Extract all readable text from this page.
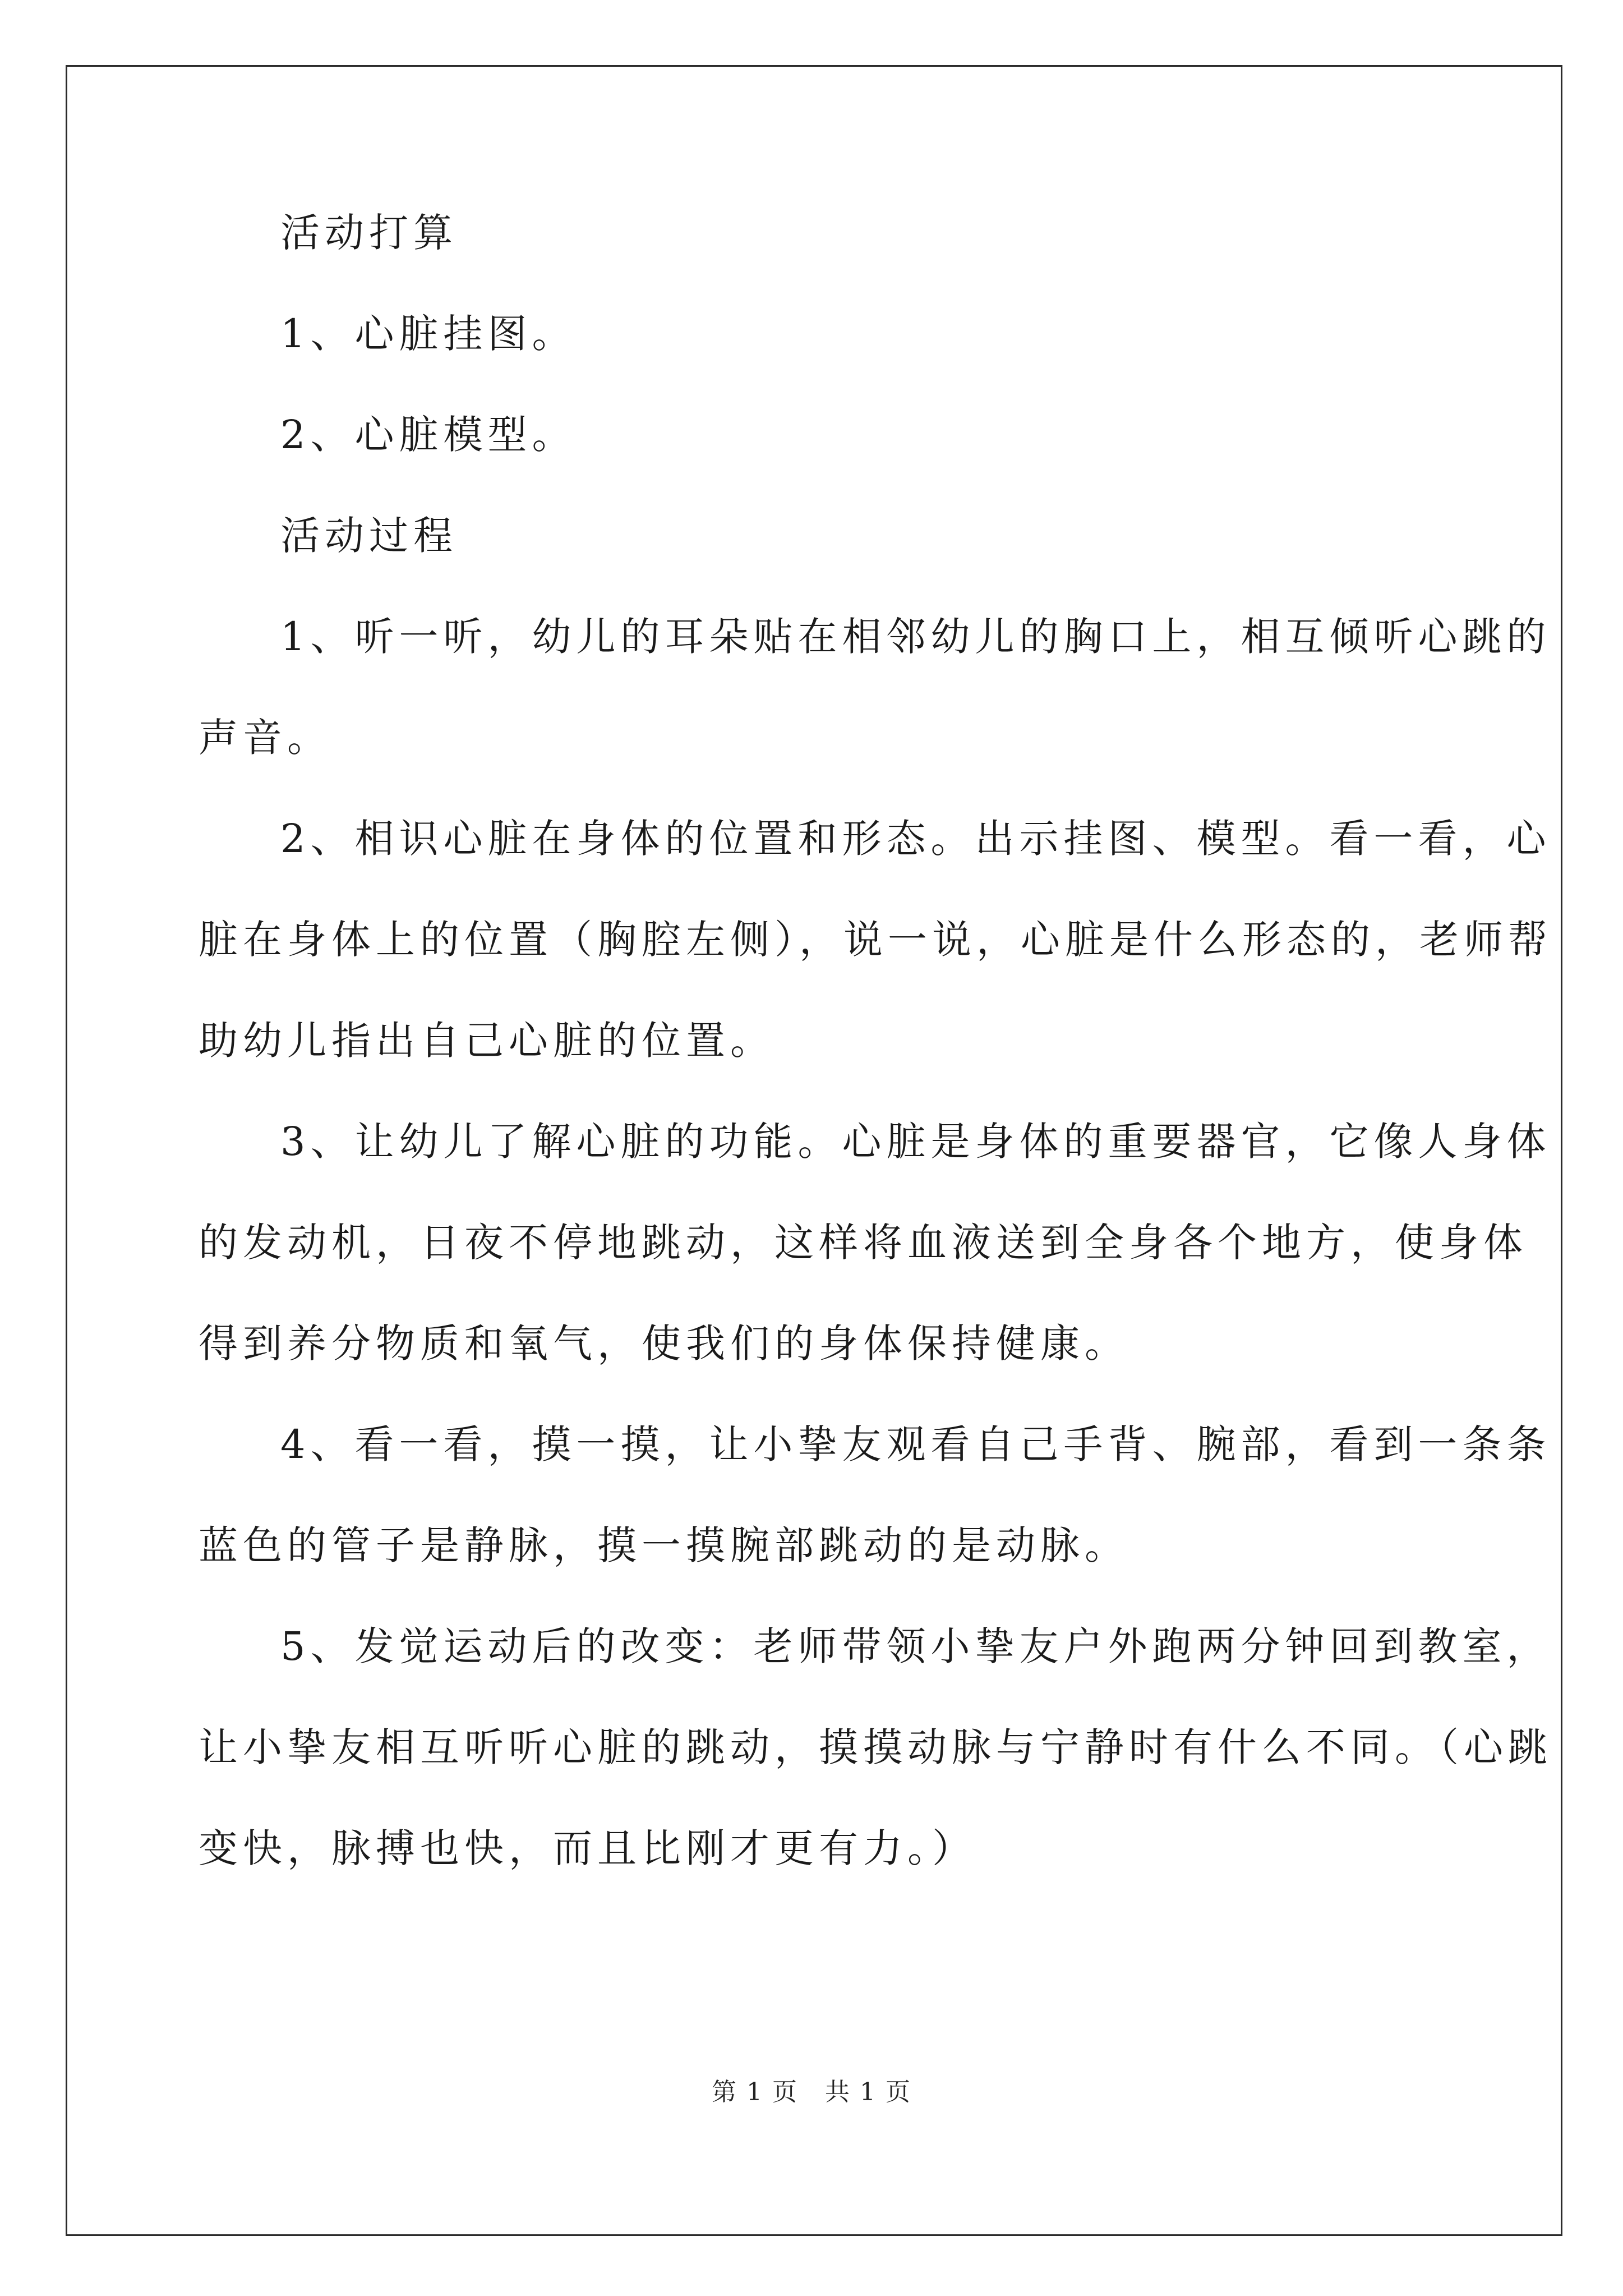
活动打算
1、心脏挂图。
2、心脏模型。
活动过程
1、听一听，幼儿的耳朵贴在相邻幼儿的胸口上，相互倾听心跳的
声音。
2、相识心脏在身体的位置和形态。出示挂图、模型。看一看，心
脏在身体上的位置（胸腔左侧），说一说，心脏是什么形态的，老师帮
助幼儿指出自己心脏的位置。
3、让幼儿了解心脏的功能。心脏是身体的重要器官，它像人身体
的发动机，日夜不停地跳动，这样将血液送到全身各个地方，使身体
得到养分物质和氧气，使我们的身体保持健康。
4、看一看，摸一摸，让小挚友观看自己手背、腕部，看到一条条
蓝色的管子是静脉，摸一摸腕部跳动的是动脉。
5、发觉运动后的改变：老师带领小挚友户外跑两分钟回到教室，
让小挚友相互听听心脏的跳动，摸摸动脉与宁静时有什么不同。（心跳
变快，脉搏也快，而且比刚才更有力。）
第 1 页 共 1 页
